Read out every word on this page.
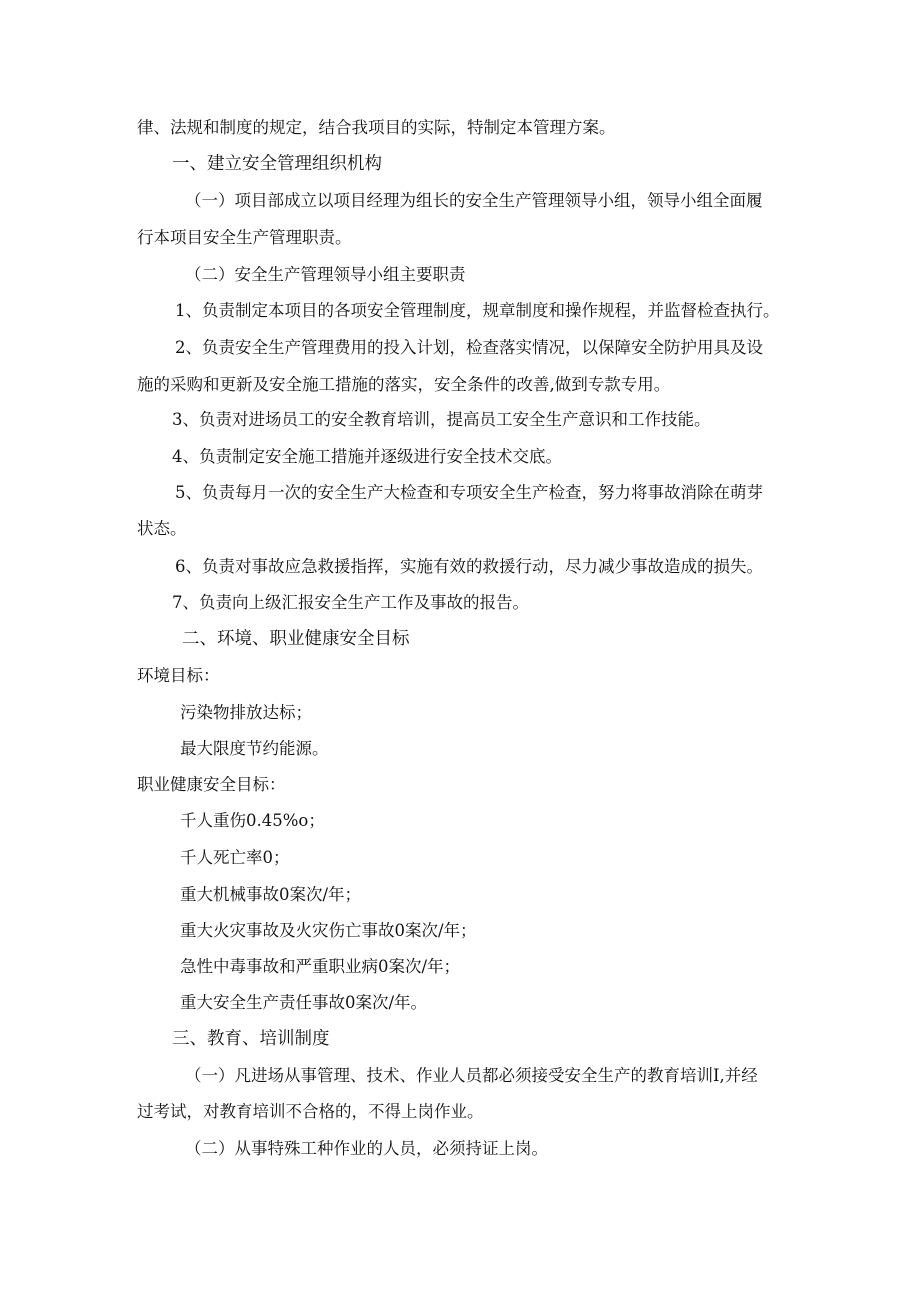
律、法规和制度的规定，结合我项目的实际，特制定本管理方案。
一、建立安全管理组织机构
（一）项目部成立以项目经理为组长的安全生产管理领导小组，领导小组全面履
行本项目安全生产管理职责。
（二）安全生产管理领导小组主要职责
1、负责制定本项目的各项安全管理制度，规章制度和操作规程，并监督检查执行。
2、负责安全生产管理费用的投入计划，检查落实情况，以保障安全防护用具及设
施的采购和更新及安全施工措施的落实，安全条件的改善,做到专款专用。
3、负责对进场员工的安全教育培训，提高员工安全生产意识和工作技能。
4、负责制定安全施工措施并逐级进行安全技术交底。
5、负责每月一次的安全生产大检查和专项安全生产检查，努力将事故消除在萌芽
状态。
6、负责对事故应急救援指挥，实施有效的救援行动，尽力减少事故造成的损失。
7、负责向上级汇报安全生产工作及事故的报告。
二、环境、职业健康安全目标
环境目标：
污染物排放达标；
最大限度节约能源。
职业健康安全目标：
千人重伤0.45%o；
千人死亡率0；
重大机械事故0案次/年；
重大火灾事故及火灾伤亡事故0案次/年；
急性中毒事故和严重职业病0案次/年；
重大安全生产责任事故0案次/年。
三、教育、培训制度
（一）凡进场从事管理、技术、作业人员都必须接受安全生产的教育培训I,并经
过考试，对教育培训不合格的，不得上岗作业。
（二）从事特殊工种作业的人员，必须持证上岗。
